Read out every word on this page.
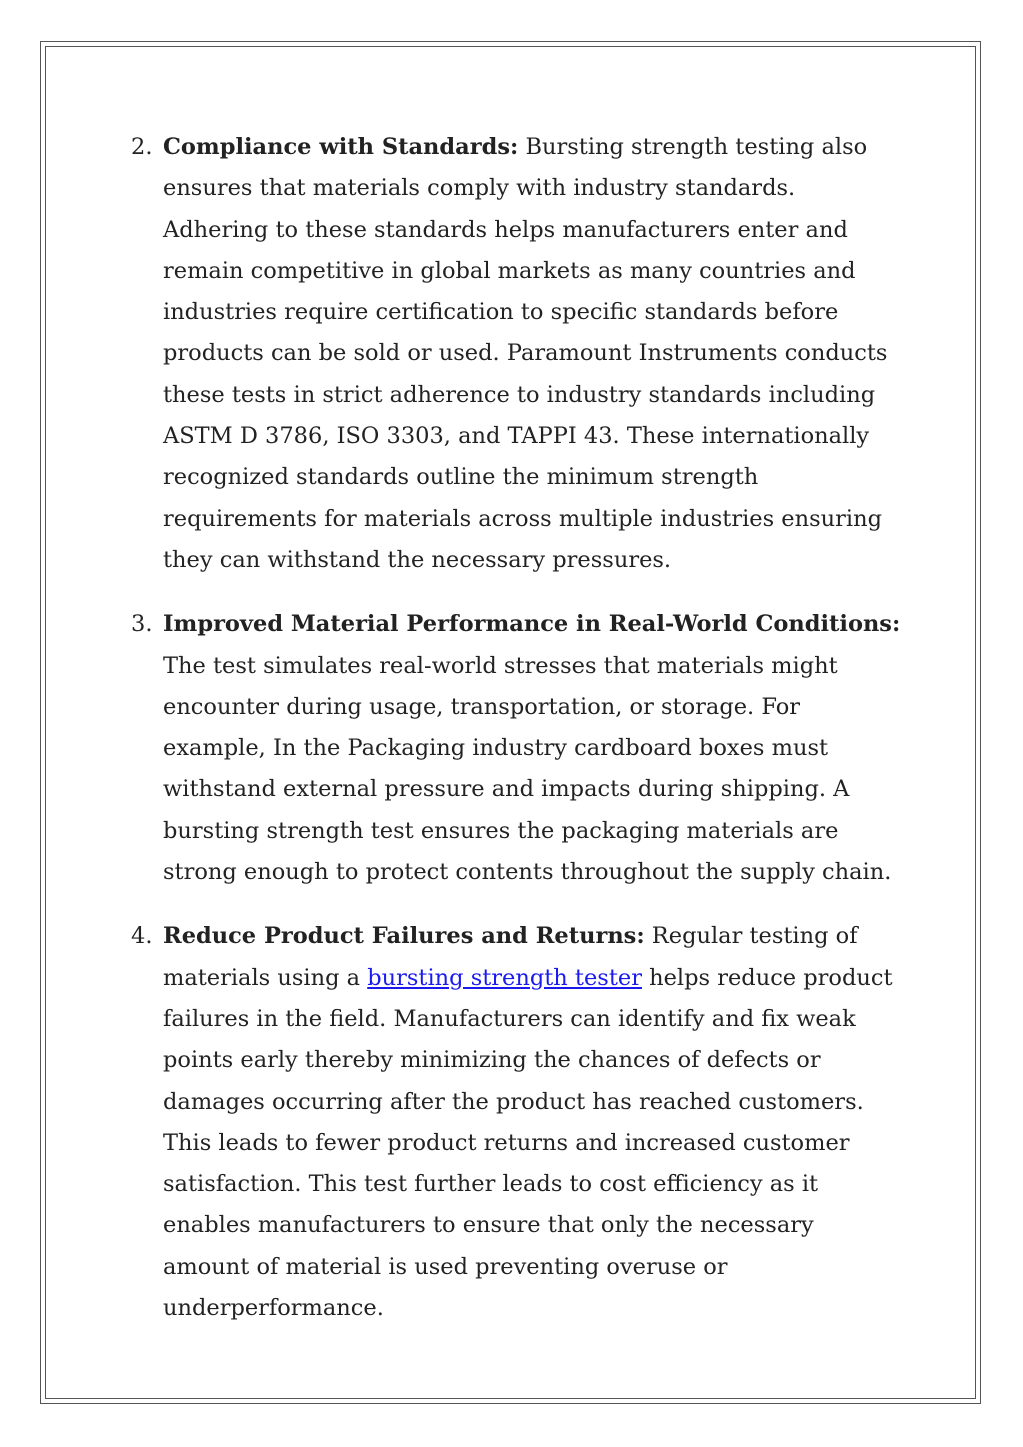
2. Compliance with Standards: Bursting strength testing also ensures that materials comply with industry standards. Adhering to these standards helps manufacturers enter and remain competitive in global markets as many countries and industries require certification to specific standards before products can be sold or used. Paramount Instruments conducts these tests in strict adherence to industry standards including ASTM D 3786, ISO 3303, and TAPPI 43. These internationally recognized standards outline the minimum strength requirements for materials across multiple industries ensuring they can withstand the necessary pressures.
3. Improved Material Performance in Real-World Conditions: The test simulates real-world stresses that materials might encounter during usage, transportation, or storage. For example, In the Packaging industry cardboard boxes must withstand external pressure and impacts during shipping. A bursting strength test ensures the packaging materials are strong enough to protect contents throughout the supply chain.
4. Reduce Product Failures and Returns: Regular testing of materials using a bursting strength tester helps reduce product failures in the field. Manufacturers can identify and fix weak points early thereby minimizing the chances of defects or damages occurring after the product has reached customers. This leads to fewer product returns and increased customer satisfaction. This test further leads to cost efficiency as it enables manufacturers to ensure that only the necessary amount of material is used preventing overuse or underperformance.
